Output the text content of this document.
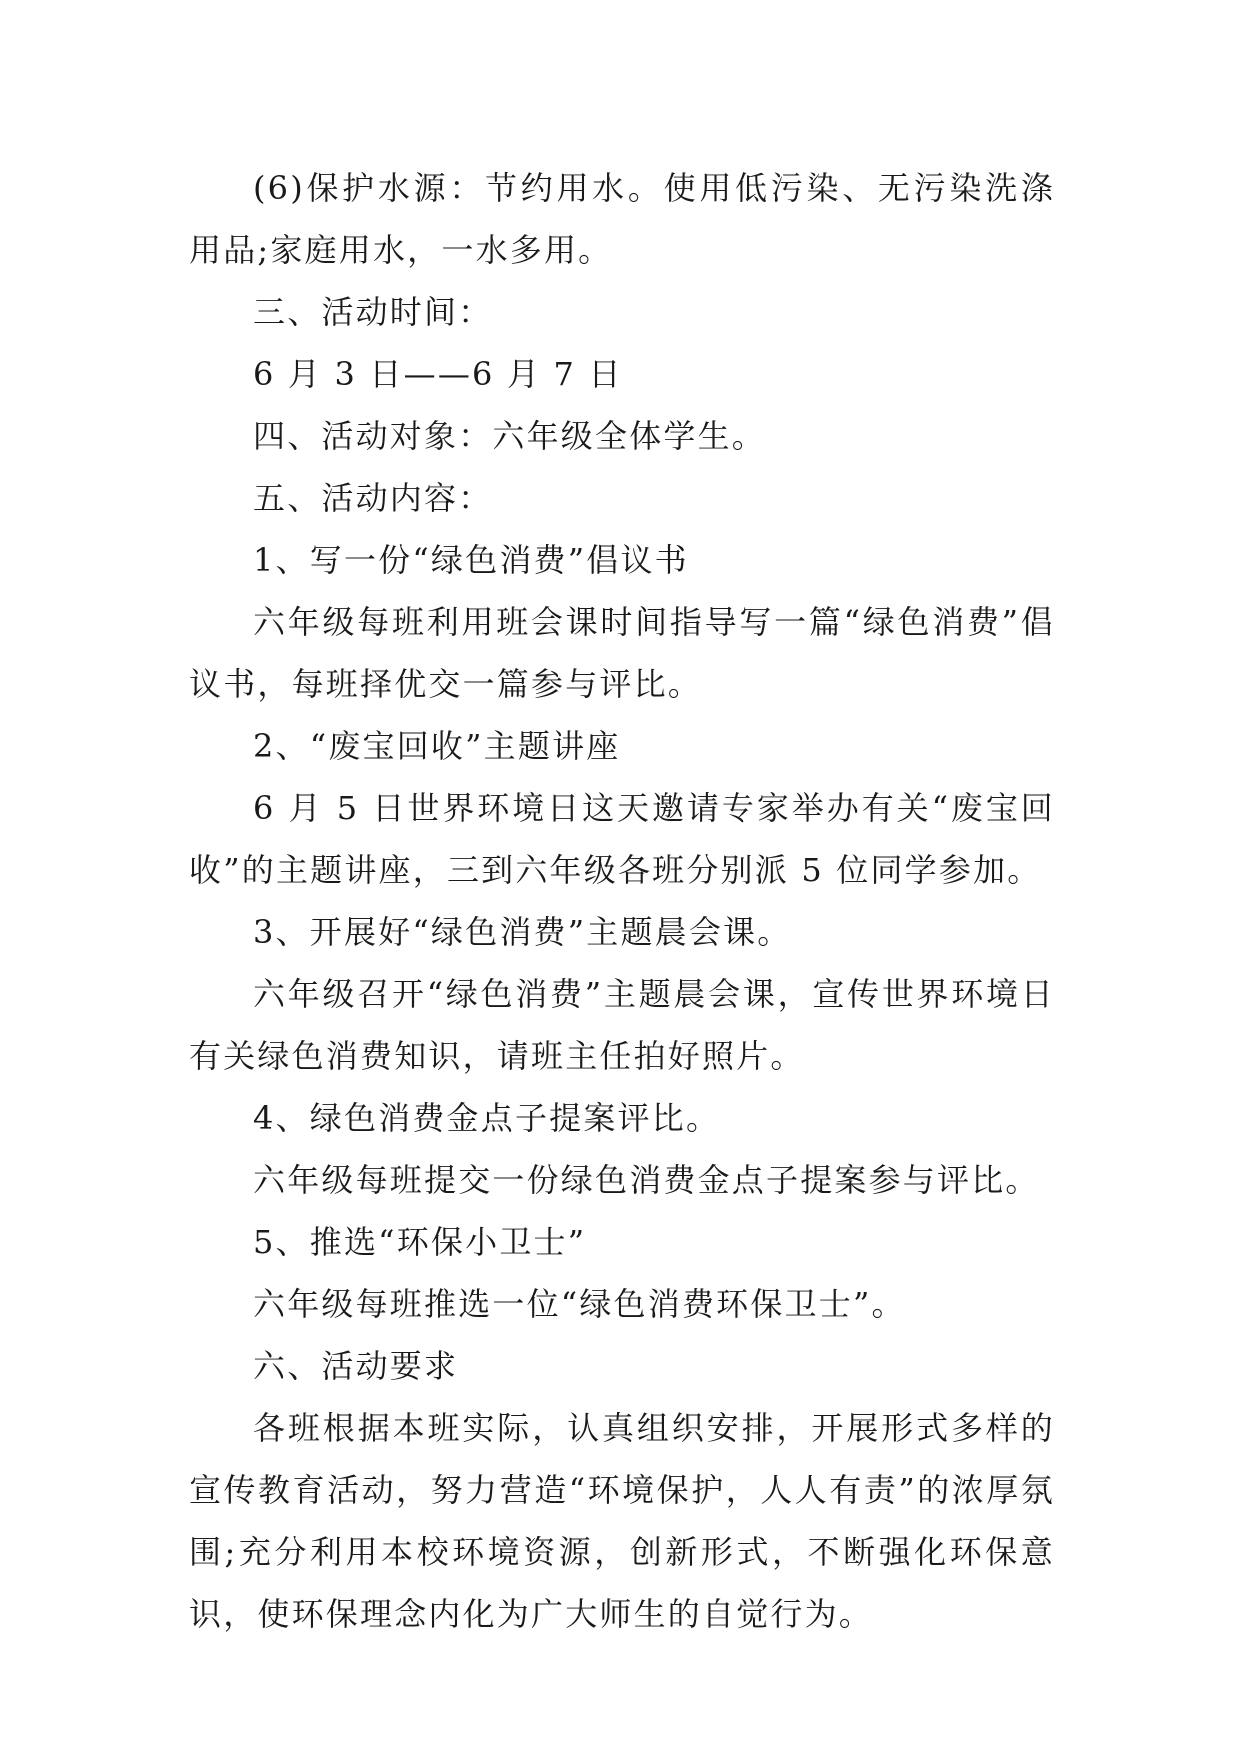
(6)保护水源：节约用水。使用低污染、无污染洗涤用品;家庭用水，一水多用。

三、活动时间：

6 月 3 日——6 月 7 日

四、活动对象：六年级全体学生。

五、活动内容：

1、写一份“绿色消费”倡议书

六年级每班利用班会课时间指导写一篇“绿色消费”倡议书，每班择优交一篇参与评比。

2、“废宝回收”主题讲座

6 月 5 日世界环境日这天邀请专家举办有关“废宝回收”的主题讲座，三到六年级各班分别派 5 位同学参加。

3、开展好“绿色消费”主题晨会课。

六年级召开“绿色消费”主题晨会课，宣传世界环境日有关绿色消费知识，请班主任拍好照片。

4、绿色消费金点子提案评比。

六年级每班提交一份绿色消费金点子提案参与评比。

5、推选“环保小卫士”

六年级每班推选一位“绿色消费环保卫士”。

六、活动要求

各班根据本班实际，认真组织安排，开展形式多样的宣传教育活动，努力营造“环境保护，人人有责”的浓厚氛围;充分利用本校环境资源，创新形式，不断强化环保意识，使环保理念内化为广大师生的自觉行为。
